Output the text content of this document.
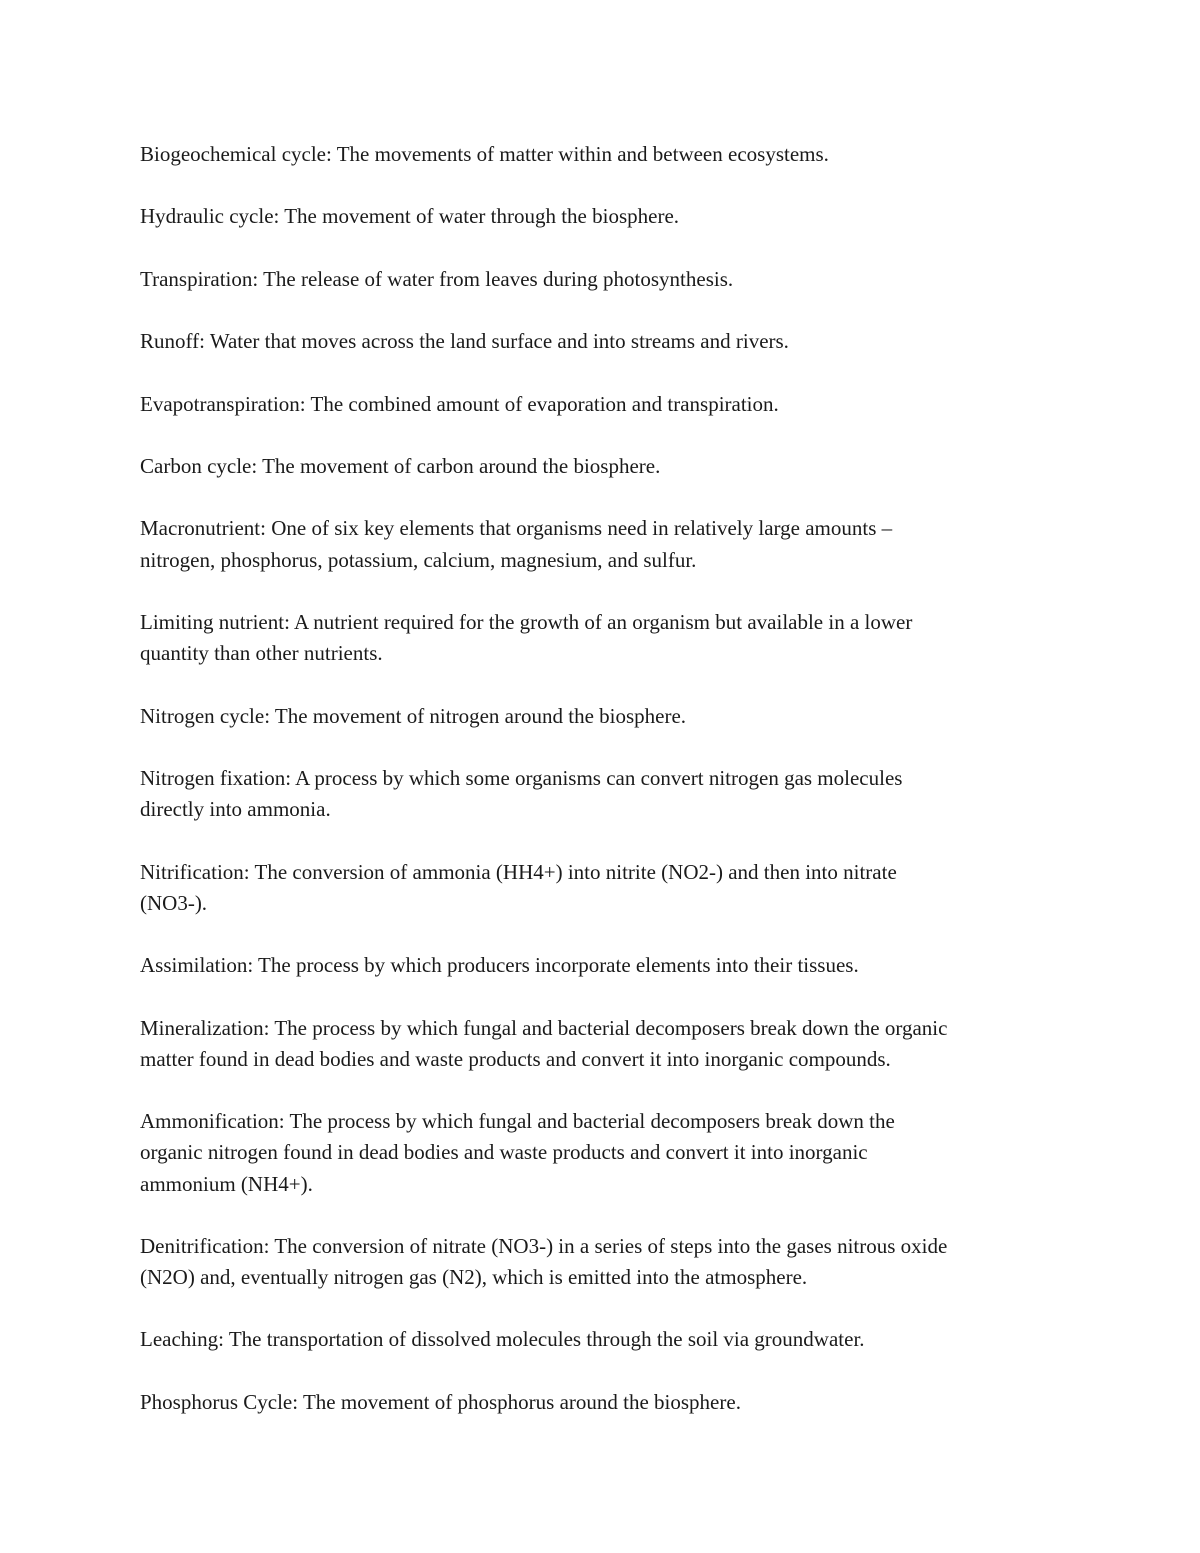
Biogeochemical cycle: The movements of matter within and between ecosystems.

Hydraulic cycle: The movement of water through the biosphere.

Transpiration: The release of water from leaves during photosynthesis.

Runoff: Water that moves across the land surface and into streams and rivers.

Evapotranspiration: The combined amount of evaporation and transpiration.

Carbon cycle: The movement of carbon around the biosphere.

Macronutrient: One of six key elements that organisms need in relatively large amounts –
nitrogen, phosphorus, potassium, calcium, magnesium, and sulfur.

Limiting nutrient: A nutrient required for the growth of an organism but available in a lower
quantity than other nutrients.

Nitrogen cycle: The movement of nitrogen around the biosphere.

Nitrogen fixation: A process by which some organisms can convert nitrogen gas molecules
directly into ammonia.

Nitrification: The conversion of ammonia (HH4+) into nitrite (NO2-) and then into nitrate
(NO3-).

Assimilation: The process by which producers incorporate elements into their tissues.

Mineralization: The process by which fungal and bacterial decomposers break down the organic
matter found in dead bodies and waste products and convert it into inorganic compounds.

Ammonification: The process by which fungal and bacterial decomposers break down the
organic nitrogen found in dead bodies and waste products and convert it into inorganic
ammonium (NH4+).

Denitrification: The conversion of nitrate (NO3-) in a series of steps into the gases nitrous oxide
(N2O) and, eventually nitrogen gas (N2), which is emitted into the atmosphere.

Leaching: The transportation of dissolved molecules through the soil via groundwater.

Phosphorus Cycle: The movement of phosphorus around the biosphere.
